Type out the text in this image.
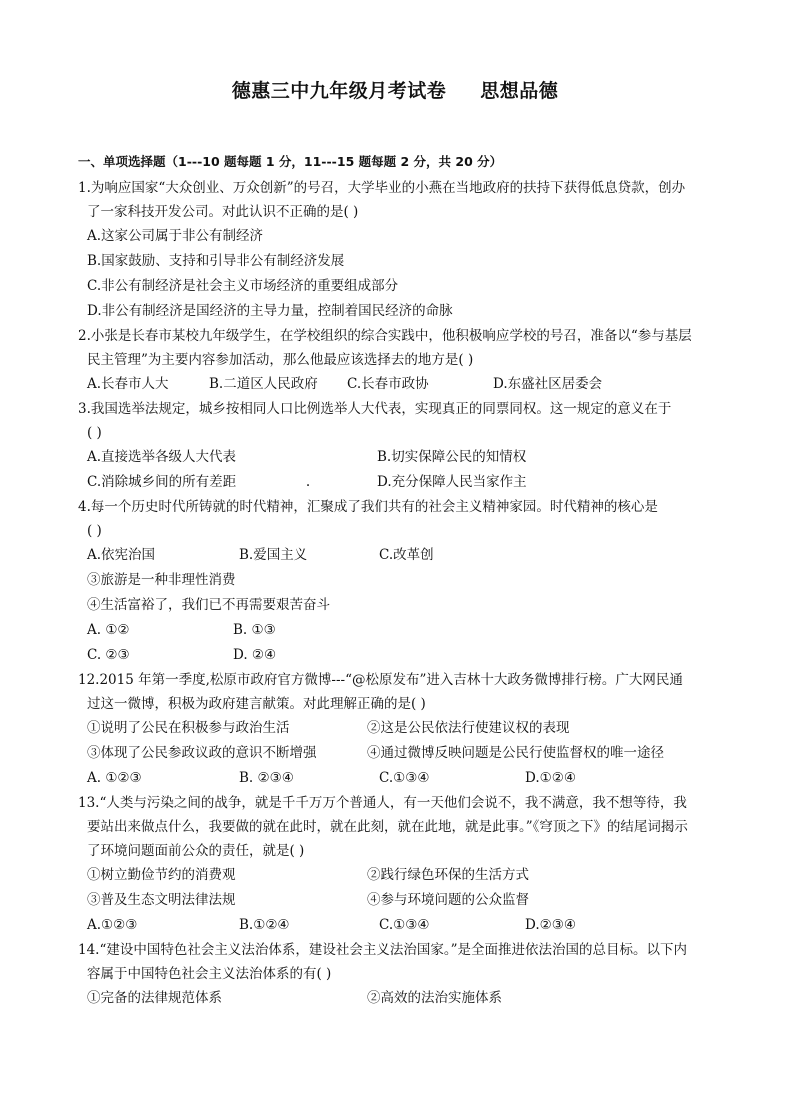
德惠三中九年级月考试卷 思想品德
一、单项选择题（1---10 题每题 1 分，11---15 题每题 2 分，共 20 分）

1.为响应国家“大众创业、万众创新”的号召，大学毕业的小燕在当地政府的扶持下获得低息贷款，创办
了一家科技开发公司。对此认识不正确的是( )

A.这家公司属于非公有制经济
B.国家鼓励、支持和引导非公有制经济发展
C.非公有制经济是社会主义市场经济的重要组成部分
D.非公有制经济是国经济的主导力量，控制着国民经济的命脉

2.小张是长春市某校九年级学生，在学校组织的综合实践中，他积极响应学校的号召，准备以“参与基层
民主管理”为主要内容参加活动，那么他最应该选择去的地方是( )

A.长春市人大	B.二道区人民政府	C.长春市政协	D.东盛社区居委会

3.我国选举法规定，城乡按相同人口比例选举人大代表，实现真正的同票同权。这一规定的意义在于
( )

A.直接选举各级人大代表	B.切实保障公民的知情权
C.消除城乡间的所有差距	.	D.充分保障人民当家作主

4.每一个历史时代所铸就的时代精神，汇聚成了我们共有的社会主义精神家园。时代精神的核心是
( )

A.依宪治国	B.爱国主义	C.改革创
③旅游是一种非理性消费
④生活富裕了，我们已不再需要艰苦奋斗
A. ①②	B. ①③
C. ②③	D. ②④

12.2015 年第一季度,松原市政府官方微博---“@松原发布”进入吉林十大政务微博排行榜。广大网民通
过这一微博，积极为政府建言献策。对此理解正确的是( )

①说明了公民在积极参与政治生活	②这是公民依法行使建议权的表现
③体现了公民参政议政的意识不断增强	④通过微博反映问题是公民行使监督权的唯一途径
A. ①②③	B. ②③④	C.①③④	D.①②④

13.“人类与污染之间的战争，就是千千万万个普通人，有一天他们会说不，我不满意，我不想等待，我
要站出来做点什么，我要做的就在此时，就在此刻，就在此地，就是此事。”《穹顶之下》的结尾词揭示
了环境问题面前公众的责任，就是( )

①树立勤俭节约的消费观	②践行绿色环保的生活方式
③普及生态文明法律法规	④参与环境问题的公众监督
A.①②③	B.①②④	C.①③④	D.②③④

14.“建设中国特色社会主义法治体系，建设社会主义法治国家。”是全面推进依法治国的总目标。以下内
容属于中国特色社会主义法治体系的有( )

①完备的法律规范体系	②高效的法治实施体系
